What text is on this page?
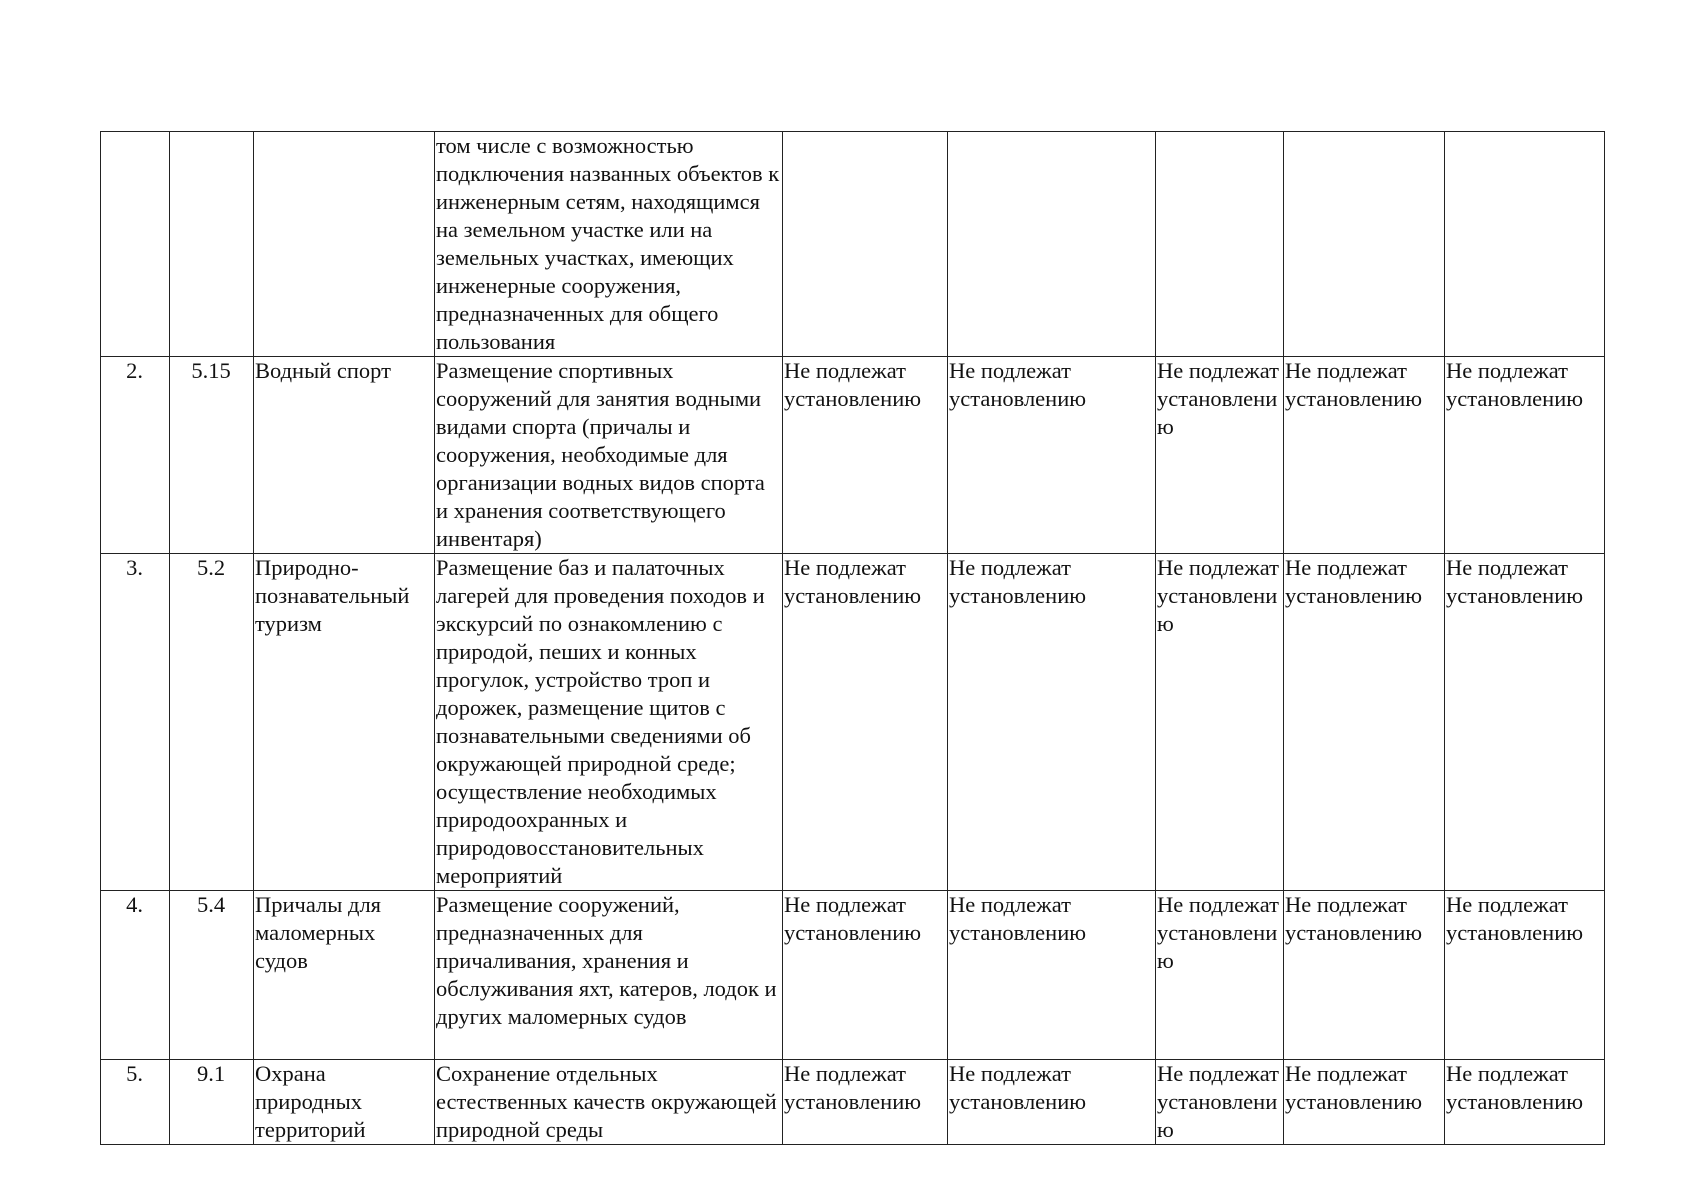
			том числе с возможностью подключения названных объектов к инженерным сетям, находящимся на земельном участке или на земельных участках, имеющих инженерные сооружения, предназначенных для общего пользования					
2.	5.15	Водный спорт	Размещение спортивных сооружений для занятия водными видами спорта (причалы и сооружения, необходимые для организации водных видов спорта и хранения соответствующего инвентаря)	Не подлежат установлению	Не подлежат установлению	Не подлежат установлению	Не подлежат установлению	Не подлежат установлению
3.	5.2	Природно-познавательный туризм	Размещение баз и палаточных лагерей для проведения походов и экскурсий по ознакомлению с природой, пеших и конных прогулок, устройство троп и дорожек, размещение щитов с познавательными сведениями об окружающей природной среде; осуществление необходимых природоохранных и природовосстановительных мероприятий	Не подлежат установлению	Не подлежат установлению	Не подлежат установлению	Не подлежат установлению	Не подлежат установлению
4.	5.4	Причалы для маломерных судов	Размещение сооружений, предназначенных для причаливания, хранения и обслуживания яхт, катеров, лодок и других маломерных судов	Не подлежат установлению	Не подлежат установлению	Не подлежат установлению	Не подлежат установлению	Не подлежат установлению
5.	9.1	Охрана природных территорий	Сохранение отдельных естественных качеств окружающей природной среды	Не подлежат установлению	Не подлежат установлению	Не подлежат установлению	Не подлежат установлению	Не подлежат установлению
